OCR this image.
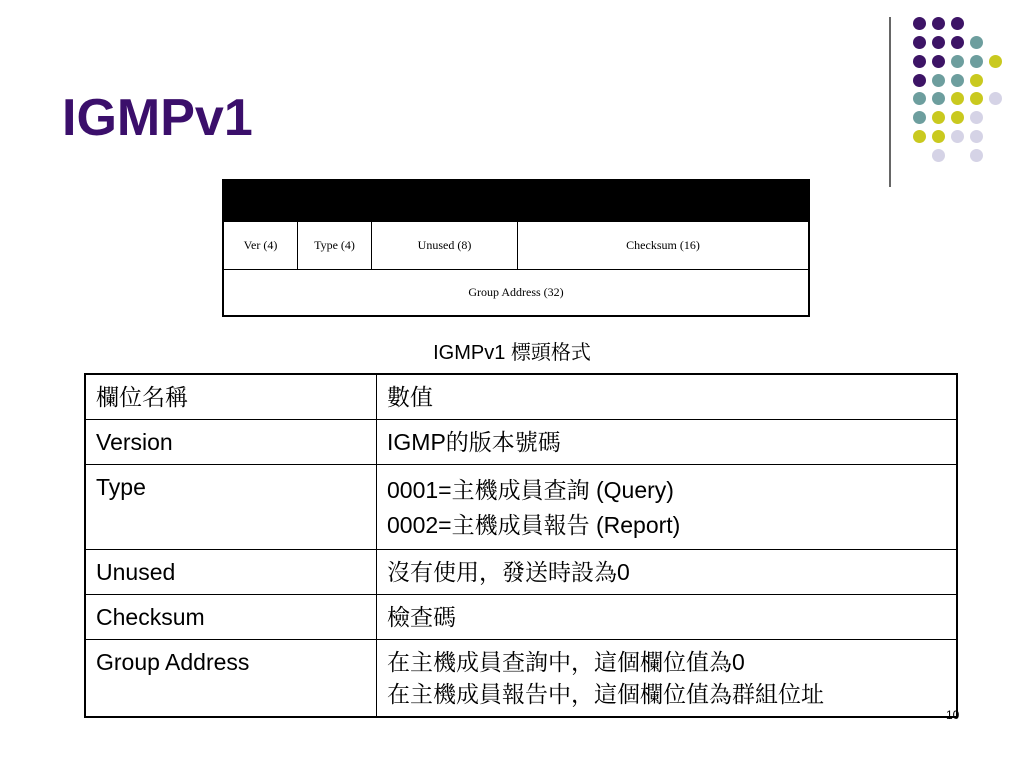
IGMPv1
Ver (4)	Type (4)	Unused (8)	Checksum (16)
Group Address (32)
IGMPv1 標頭格式
欄位名稱	數值
Version	IGMP的版本號碼

Type	0001=主機成員查詢 (Query)
0002=主機成員報告 (Report)

Unused	沒有使用，發送時設為0

Checksum	檢查碼

Group Address	在主機成員查詢中，這個欄位值為0
在主機成員報告中，這個欄位值為群組位址
10
